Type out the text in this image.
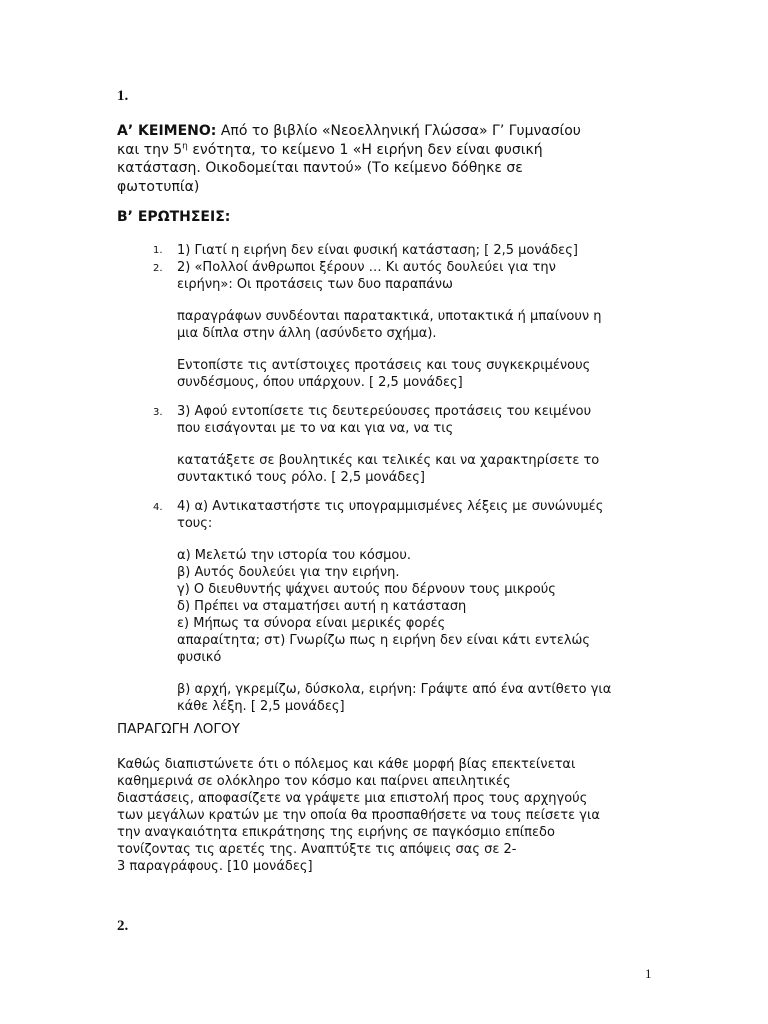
1.
Α’ ΚΕΙΜΕΝΟ: Από το βιβλίο «Νεοελληνική Γλώσσα» Γ’ Γυμνασίου
και την $5^\eta$ ενότητα, το κείμενο 1 «Η ειρήνη δεν είναι φυσική
κατάσταση. Οικοδομείται παντού» (Το κείμενο δόθηκε σε
φωτοτυπία)
Β’ ΕΡΩΤΗΣΕΙΣ:
1. 1) Γιατί η ειρήνη δεν είναι φυσική κατάσταση; [ 2,5 μονάδες]
2. 2) «Πολλοί άνθρωποι ξέρουν … Κι αυτός δουλεύει για την
ειρήνη»: Οι προτάσεις των δυο παραπάνω
παραγράφων συνδέονται παρατακτικά, υποτακτικά ή μπαίνουν η
μια δίπλα στην άλλη (ασύνδετο σχήμα).
Εντοπίστε τις αντίστοιχες προτάσεις και τους συγκεκριμένους
συνδέσμους, όπου υπάρχουν. [ 2,5 μονάδες]
3. 3) Αφού εντοπίσετε τις δευτερεύουσες προτάσεις του κειμένου
που εισάγονται με το να και για να, να τις
κατατάξετε σε βουλητικές και τελικές και να χαρακτηρίσετε το
συντακτικό τους ρόλο. [ 2,5 μονάδες]
4. 4) α) Αντικαταστήστε τις υπογραμμισμένες λέξεις με συνώνυμές
τους:
α) Μελετώ την ιστορία του κόσμου.
β) Αυτός δουλεύει για την ειρήνη.
γ) Ο διευθυντής ψάχνει αυτούς που δέρνουν τους μικρούς
δ) Πρέπει να σταματήσει αυτή η κατάσταση
ε) Μήπως τα σύνορα είναι μερικές φορές
απαραίτητα; στ) Γνωρίζω πως η ειρήνη δεν είναι κάτι εντελώς
φυσικό
β) αρχή, γκρεμίζω, δύσκολα, ειρήνη: Γράψτε από ένα αντίθετο για
κάθε λέξη. [ 2,5 μονάδες]
ΠΑΡΑΓΩΓΗ ΛΟΓΟΥ
Καθώς διαπιστώνετε ότι ο πόλεμος και κάθε μορφή βίας επεκτείνεται
καθημερινά σε ολόκληρο τον κόσμο και παίρνει απειλητικές
διαστάσεις, αποφασίζετε να γράψετε μια επιστολή προς τους αρχηγούς
των μεγάλων κρατών με την οποία θα προσπαθήσετε να τους πείσετε για
την αναγκαιότητα επικράτησης της ειρήνης σε παγκόσμιο επίπεδο
τονίζοντας τις αρετές της. Αναπτύξτε τις απόψεις σας σε 2-
3 παραγράφους. [10 μονάδες]
2.
1
